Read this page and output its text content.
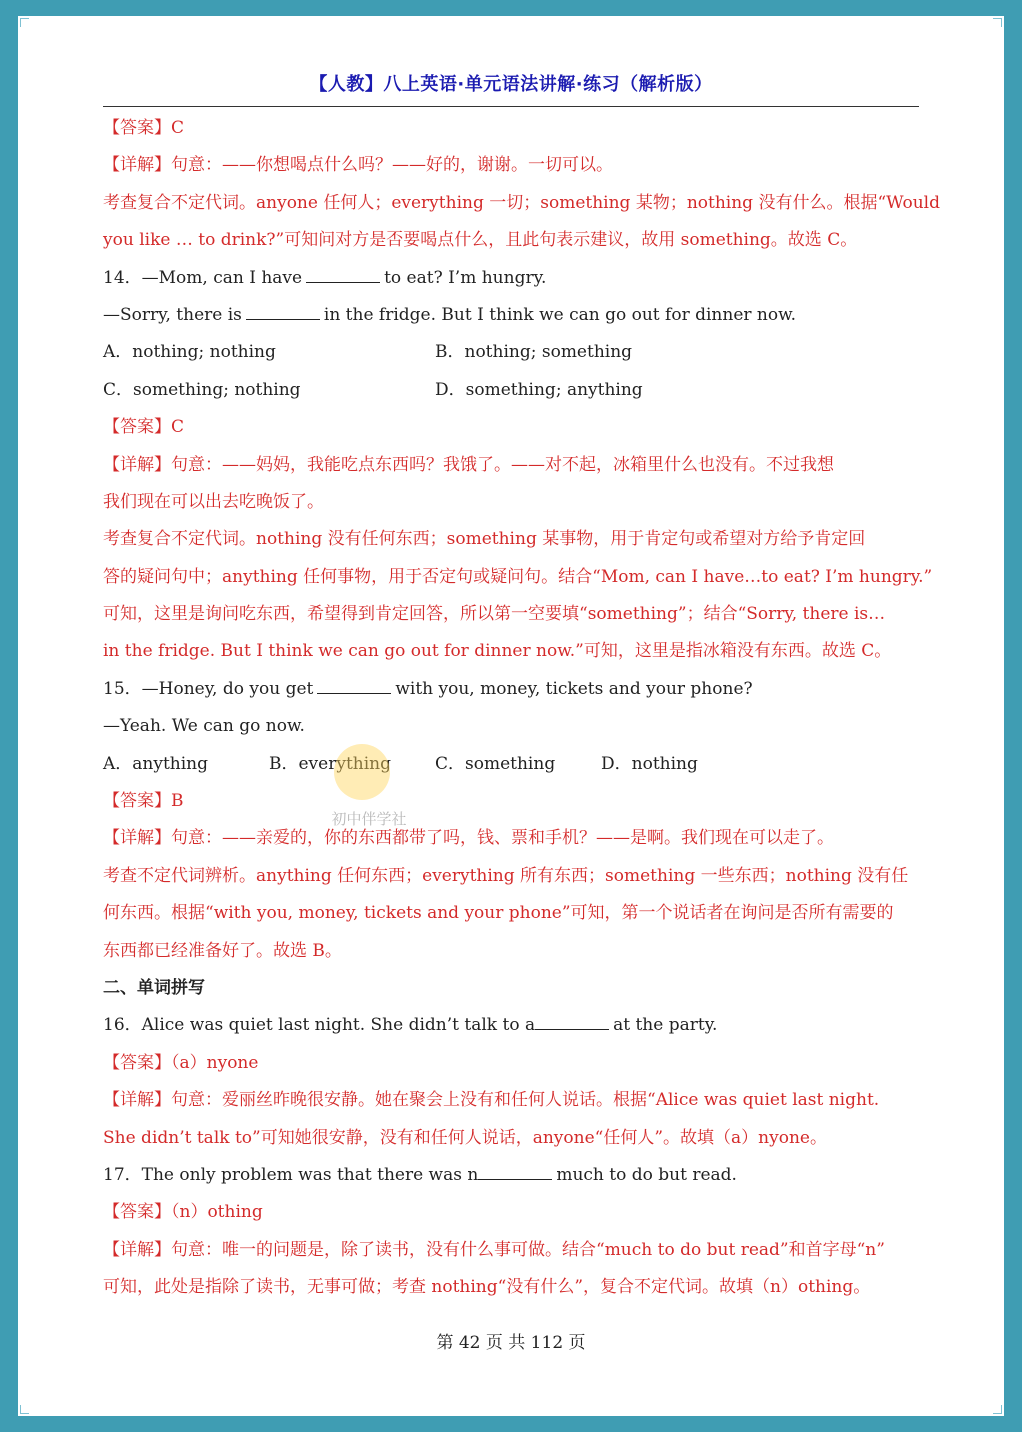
【人教】八上英语·单元语法讲解·练习（解析版）
【答案】C
【详解】句意：——你想喝点什么吗？——好的，谢谢。一切可以。
考查复合不定代词。anyone 任何人；everything 一切；something 某物；nothing 没有什么。根据“Would
you like … to drink?”可知问对方是否要喝点什么，且此句表示建议，故用 something。故选 C。
14．—Mom, can I have	to eat? I’m hungry.
—Sorry, there is	in the fridge. But I think we can go out for dinner now.
A．nothing; nothing	B．nothing; something
C．something; nothing	D．something; anything
【答案】C
【详解】句意：——妈妈，我能吃点东西吗？我饿了。——对不起，冰箱里什么也没有。不过我想
我们现在可以出去吃晚饭了。
考查复合不定代词。nothing 没有任何东西；something 某事物，用于肯定句或希望对方给予肯定回
答的疑问句中；anything 任何事物，用于否定句或疑问句。结合“Mom, can I have…to eat? I’m hungry.”
可知，这里是询问吃东西，希望得到肯定回答，所以第一空要填“something”；结合“Sorry, there is…
in the fridge. But I think we can go out for dinner now.”可知，这里是指冰箱没有东西。故选 C。
15．—Honey, do you get	with you, money, tickets and your phone?
—Yeah. We can go now.
A．anything	B．everything	C．something	D．nothing
【答案】B
【详解】句意：——亲爱的，你的东西都带了吗，钱、票和手机？——是啊。我们现在可以走了。
考查不定代词辨析。anything 任何东西；everything 所有东西；something 一些东西；nothing 没有任
何东西。根据“with you, money, tickets and your phone”可知，第一个说话者在询问是否所有需要的
东西都已经准备好了。故选 B。
二、单词拼写
16．Alice was quiet last night. She didn’t talk to a	at the party.
【答案】（a）nyone
【详解】句意：爱丽丝昨晚很安静。她在聚会上没有和任何人说话。根据“Alice was quiet last night.
She didn’t talk to”可知她很安静，没有和任何人说话，anyone“任何人”。故填（a）nyone。
17．The only problem was that there was n	much to do but read.
【答案】（n）othing
【详解】句意：唯一的问题是，除了读书，没有什么事可做。结合“much to do but read”和首字母“n”
可知，此处是指除了读书，无事可做；考查 nothing“没有什么”，复合不定代词。故填（n）othing。
初中伴学社
第 42 页 共 112 页
